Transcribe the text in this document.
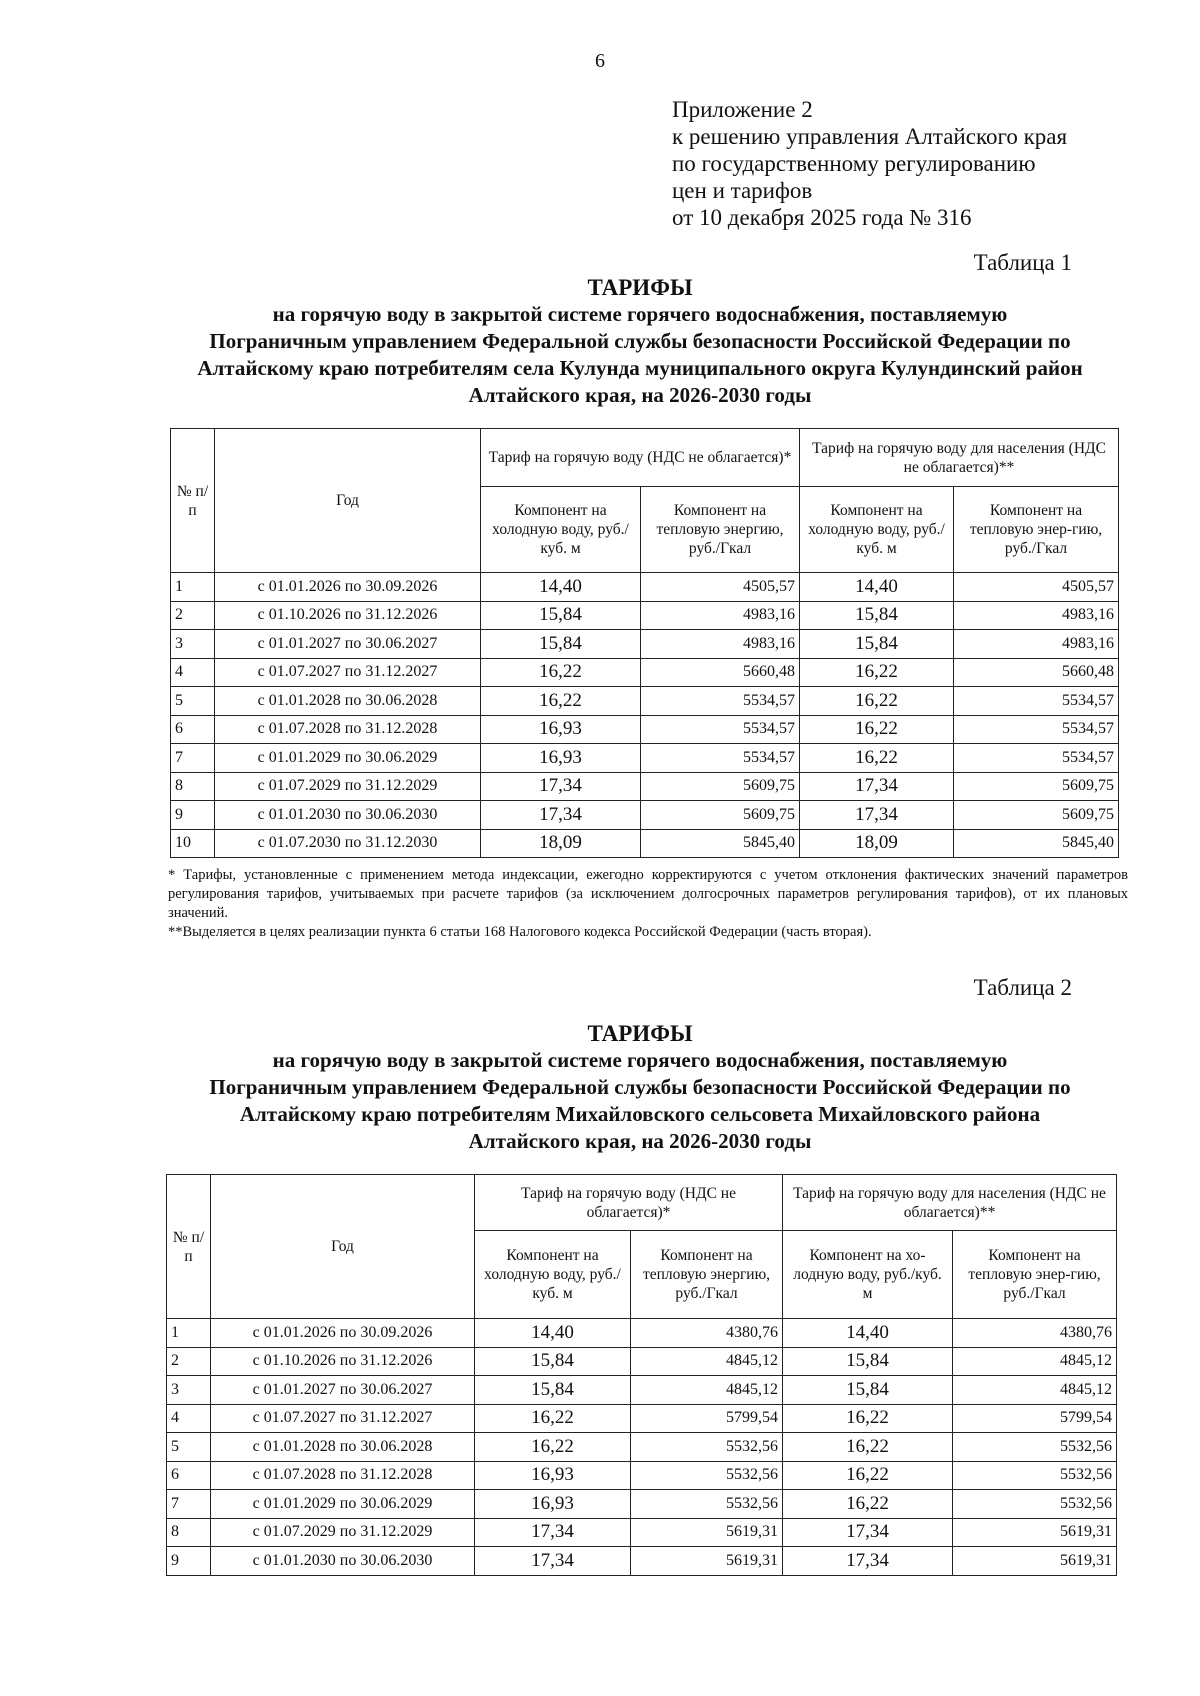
6
Приложение 2
к решению управления Алтайского края
по государственному регулированию
цен и тарифов
от 10 декабря 2025 года № 316
Таблица 1
ТАРИФЫ
на горячую воду в закрытой системе горячего водоснабжения, поставляемую
Пограничным управлением Федеральной службы безопасности Российской Федерации по
Алтайскому краю потребителям села Кулунда муниципального округа Кулундинский район
Алтайского края, на 2026-2030 годы
№ п/п	Год	Тариф на горячую воду (НДС не облагается)*		Тариф на горячую воду для населения (НДС не облагается)**	
		Компонент на холодную воду, руб./куб. м	Компонент на тепловую энергию, руб./Гкал	Компонент на холодную воду, руб./куб. м	Компонент на тепловую энер-гию, руб./Гкал
1	с 01.01.2026 по 30.09.2026	14,40	4505,57	14,40	4505,57
2	с 01.10.2026 по 31.12.2026	15,84	4983,16	15,84	4983,16
3	с 01.01.2027 по 30.06.2027	15,84	4983,16	15,84	4983,16
4	с 01.07.2027 по 31.12.2027	16,22	5660,48	16,22	5660,48
5	с 01.01.2028 по 30.06.2028	16,22	5534,57	16,22	5534,57
6	с 01.07.2028 по 31.12.2028	16,93	5534,57	16,22	5534,57
7	с 01.01.2029 по 30.06.2029	16,93	5534,57	16,22	5534,57
8	с 01.07.2029 по 31.12.2029	17,34	5609,75	17,34	5609,75
9	с 01.01.2030 по 30.06.2030	17,34	5609,75	17,34	5609,75
10	с 01.07.2030 по 31.12.2030	18,09	5845,40	18,09	5845,40

* Тарифы, установленные с применением метода индексации, ежегодно корректируются с учетом отклонения фактических значений параметров регулирования тарифов, учитываемых при расчете тарифов (за исключением долгосрочных параметров регулирования тарифов), от их плановых значений.

**Выделяется в целях реализации пункта 6 статьи 168 Налогового кодекса Российской Федерации (часть вторая).

Таблица 2
ТАРИФЫ
на горячую воду в закрытой системе горячего водоснабжения, поставляемую
Пограничным управлением Федеральной службы безопасности Российской Федерации по
Алтайскому краю потребителям Михайловского сельсовета Михайловского района
Алтайского края, на 2026-2030 годы
№ п/п	Год	Тариф на горячую воду (НДС не облагается)*		Тариф на горячую воду для населения (НДС не облагается)**	
		Компонент на холодную воду, руб./куб. м	Компонент на тепловую энергию, руб./Гкал	Компонент на хо-лодную воду, руб./куб. м	Компонент на тепловую энер-гию, руб./Гкал
1	с 01.01.2026 по 30.09.2026	14,40	4380,76	14,40	4380,76
2	с 01.10.2026 по 31.12.2026	15,84	4845,12	15,84	4845,12
3	с 01.01.2027 по 30.06.2027	15,84	4845,12	15,84	4845,12
4	с 01.07.2027 по 31.12.2027	16,22	5799,54	16,22	5799,54
5	с 01.01.2028 по 30.06.2028	16,22	5532,56	16,22	5532,56
6	с 01.07.2028 по 31.12.2028	16,93	5532,56	16,22	5532,56
7	с 01.01.2029 по 30.06.2029	16,93	5532,56	16,22	5532,56
8	с 01.07.2029 по 31.12.2029	17,34	5619,31	17,34	5619,31
9	с 01.01.2030 по 30.06.2030	17,34	5619,31	17,34	5619,31
